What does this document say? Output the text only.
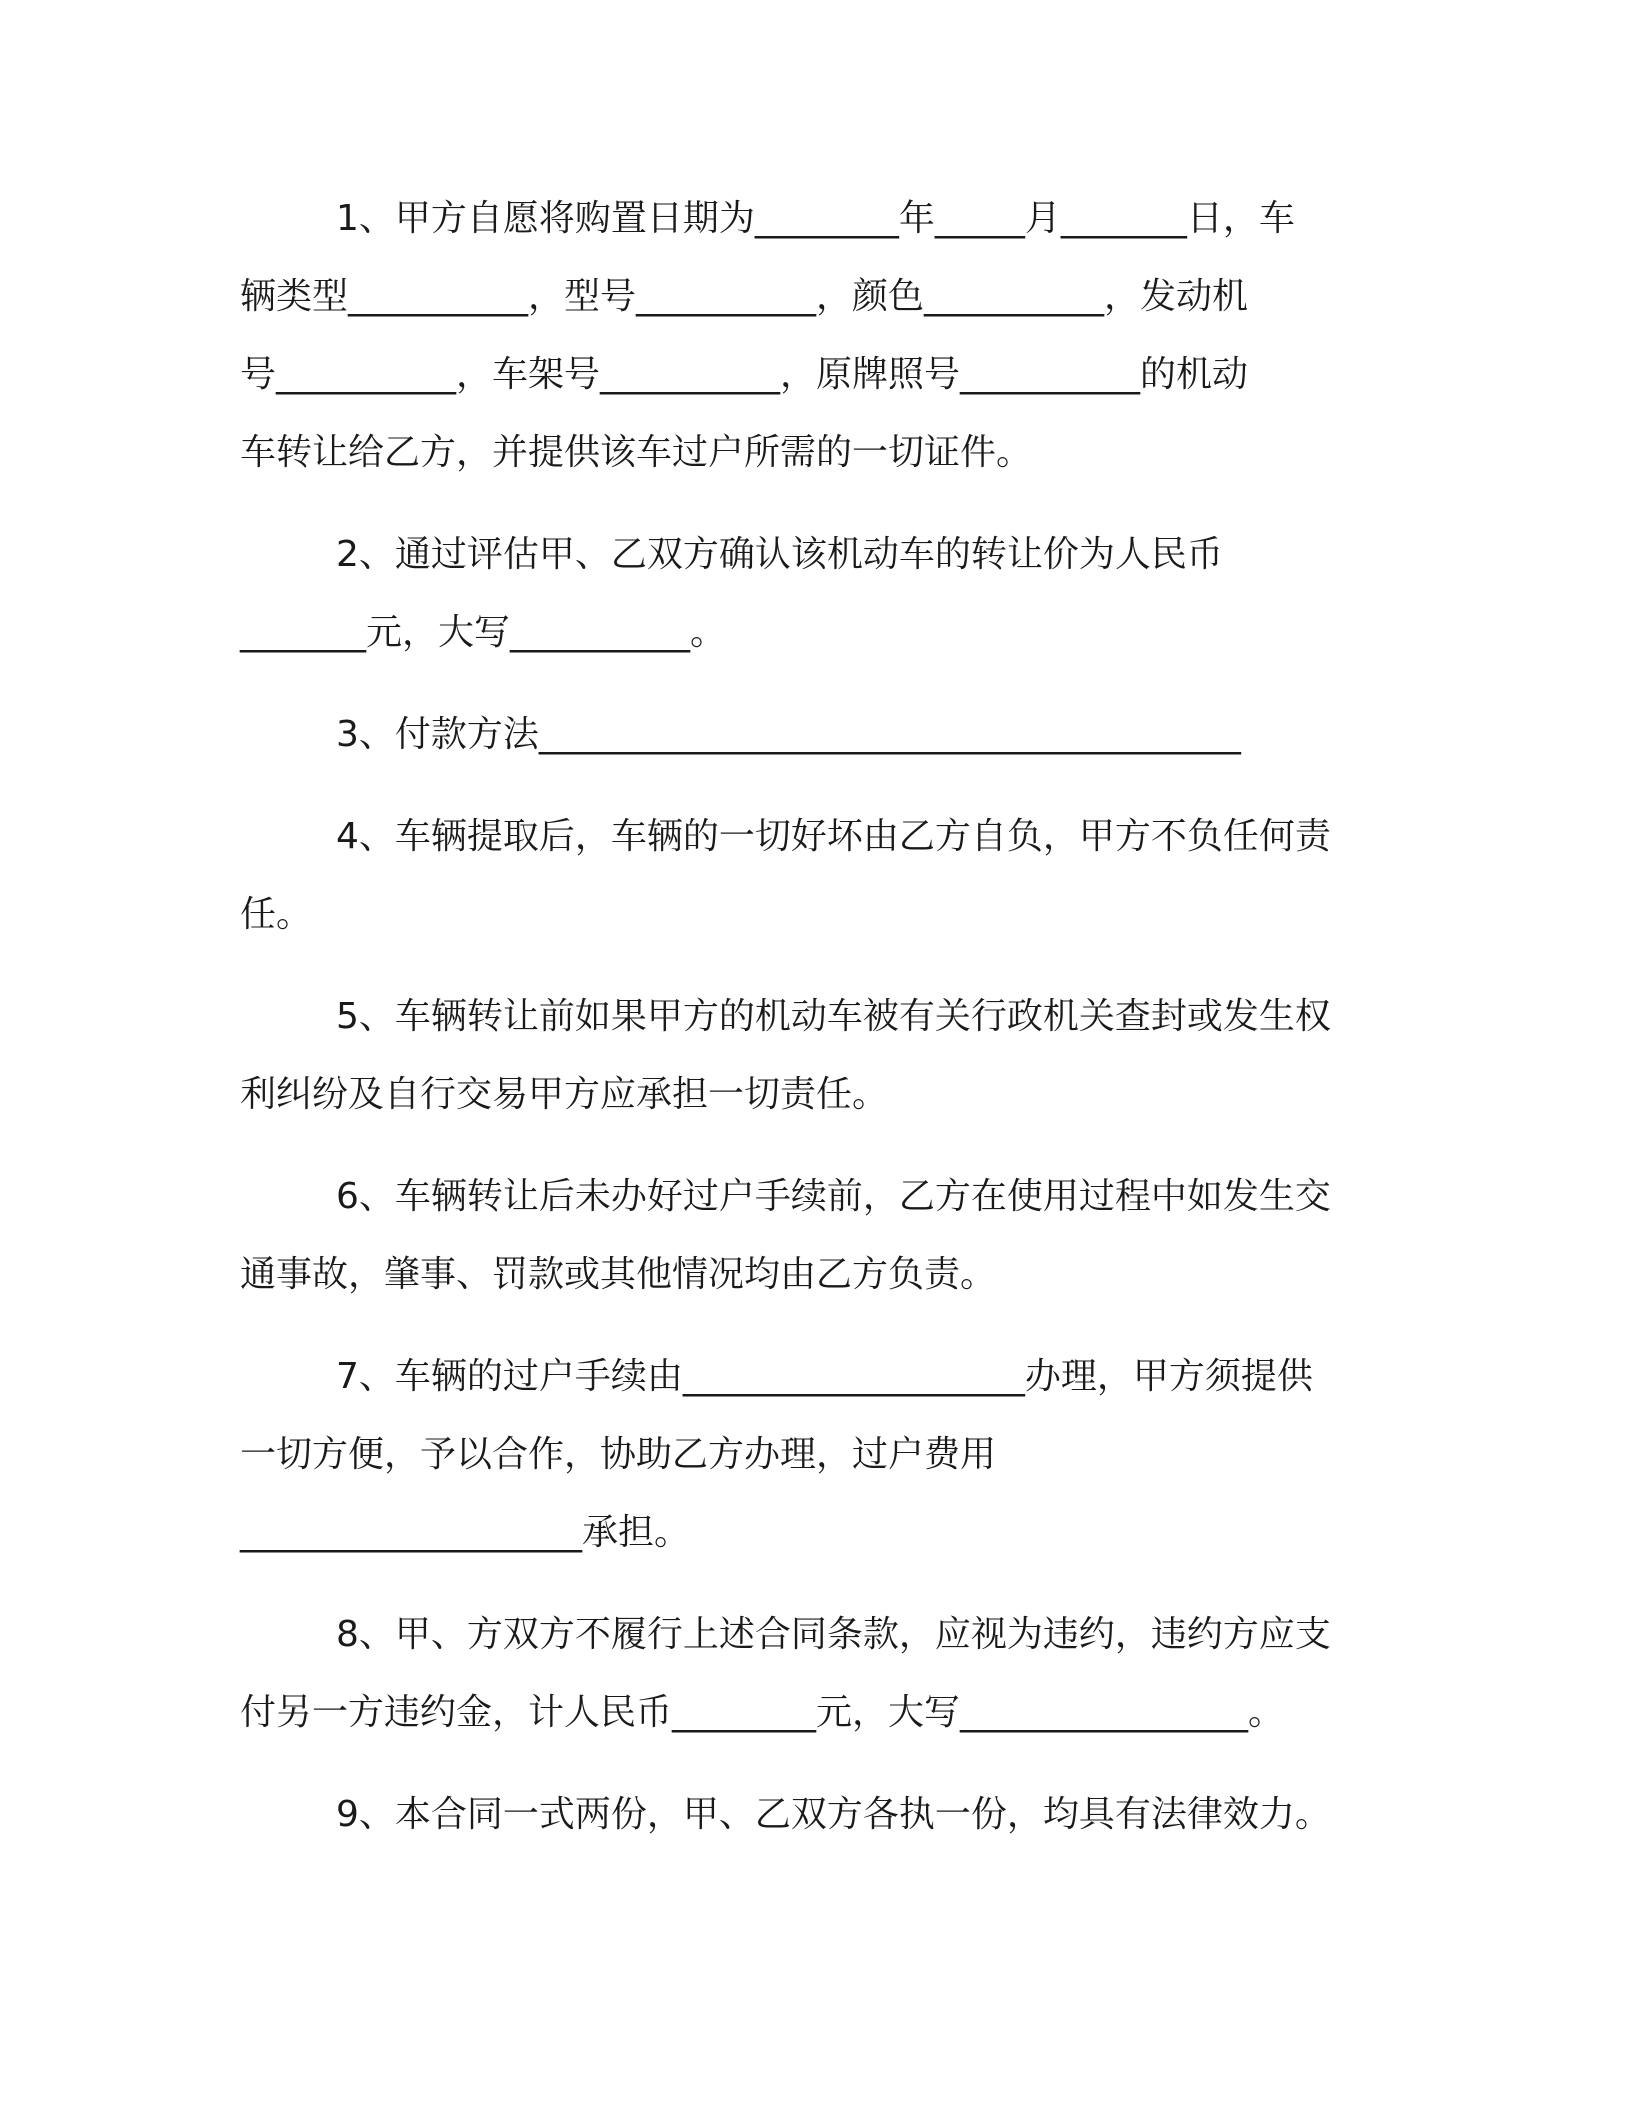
1、甲方自愿将购置日期为________年_____月_______日，车
辆类型__________，型号__________，颜色__________，发动机
号__________，车架号__________，原牌照号__________的机动
车转让给乙方，并提供该车过户所需的一切证件。
2、通过评估甲、乙双方确认该机动车的转让价为人民币
_______元，大写__________。
3、付款方法_______________________________________
4、车辆提取后，车辆的一切好坏由乙方自负，甲方不负任何责
任。
5、车辆转让前如果甲方的机动车被有关行政机关查封或发生权
利纠纷及自行交易甲方应承担一切责任。
6、车辆转让后未办好过户手续前，乙方在使用过程中如发生交
通事故，肇事、罚款或其他情况均由乙方负责。
7、车辆的过户手续由___________________办理，甲方须提供
一切方便，予以合作，协助乙方办理，过户费用
___________________承担。
8、甲、方双方不履行上述合同条款，应视为违约，违约方应支
付另一方违约金，计人民币________元，大写________________。
9、本合同一式两份，甲、乙双方各执一份，均具有法律效力。
